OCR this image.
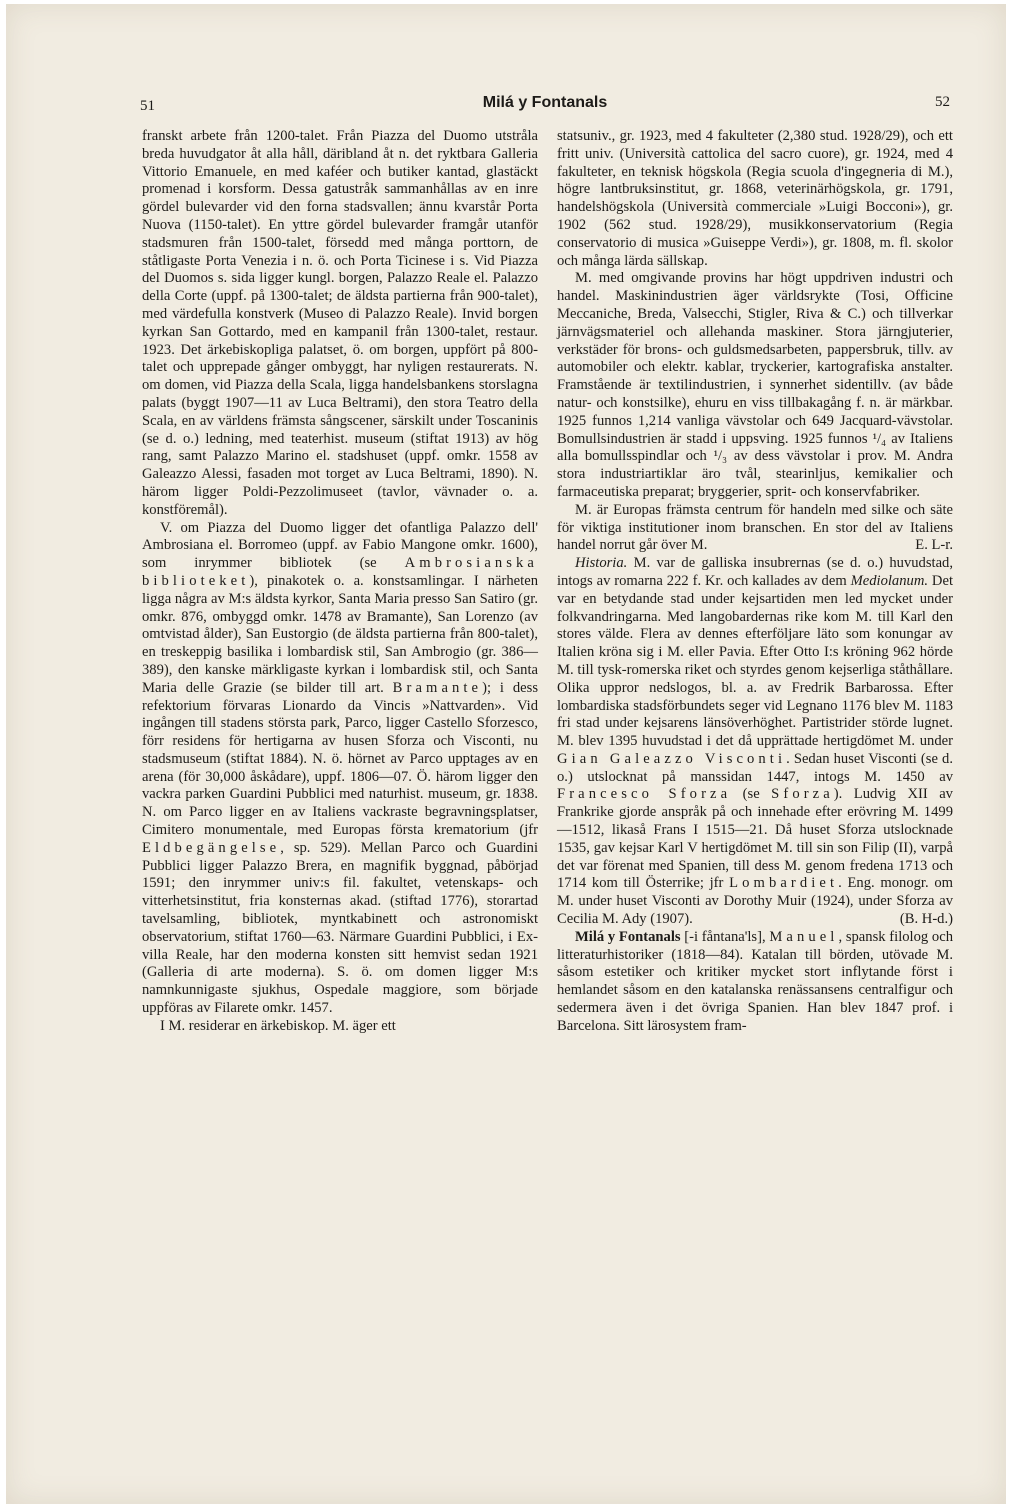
51	Milá y Fontanals	52

franskt arbete från 1200-talet. Från Piazza del Duomo utstråla breda huvudgator åt alla håll, däribland åt n. det ryktbara Galleria Vittorio Emanuele, en med kaféer och butiker kantad, glastäckt promenad i korsform. Dessa gatustråk sammanhållas av en inre gördel bulevarder vid den forna stadsvallen; ännu kvarstår Porta Nuova (1150-talet). En yttre gördel bulevarder framgår utanför stadsmuren från 1500-talet, försedd med många porttorn, de ståtligaste Porta Venezia i n. ö. och Porta Ticinese i s. Vid Piazza del Duomos s. sida ligger kungl. borgen, Palazzo Reale el. Palazzo della Corte (uppf. på 1300-talet; de äldsta partierna från 900-talet), med värdefulla konstverk (Museo di Palazzo Reale). Invid borgen kyrkan San Gottardo, med en kampanil från 1300-talet, restaur. 1923. Det ärkebiskopliga palatset, ö. om borgen, uppfört på 800-talet och upprepade gånger ombyggt, har nyligen restaurerats. N. om domen, vid Piazza della Scala, ligga handelsbankens storslagna palats (byggt 1907—11 av Luca Beltrami), den stora Teatro della Scala, en av världens främsta sångscener, särskilt under Toscaninis (se d. o.) ledning, med teaterhist. museum (stiftat 1913) av hög rang, samt Palazzo Marino el. stadshuset (uppf. omkr. 1558 av Galeazzo Alessi, fasaden mot torget av Luca Beltrami, 1890). N. härom ligger Poldi-Pezzolimuseet (tavlor, vävnader o. a. konstföremål).

V. om Piazza del Duomo ligger det ofantliga Palazzo dell' Ambrosiana el. Borromeo (uppf. av Fabio Mangone omkr. 1600), som inrymmer bibliotek (se Ambrosianska biblioteket), pinakotek o. a. konstsamlingar. I närheten ligga några av M:s äldsta kyrkor, Santa Maria presso San Satiro (gr. omkr. 876, ombyggd omkr. 1478 av Bramante), San Lorenzo (av omtvistad ålder), San Eustorgio (de äldsta partierna från 800-talet), en treskeppig basilika i lombardisk stil, San Ambrogio (gr. 386—389), den kanske märkligaste kyrkan i lombardisk stil, och Santa Maria delle Grazie (se bilder till art. Bramante); i dess refektorium förvaras Lionardo da Vincis »Nattvarden». Vid ingången till stadens största park, Parco, ligger Castello Sforzesco, förr residens för hertigarna av husen Sforza och Visconti, nu stadsmuseum (stiftat 1884). N. ö. hörnet av Parco upptages av en arena (för 30,000 åskådare), uppf. 1806—07. Ö. härom ligger den vackra parken Guardini Pubblici med naturhist. museum, gr. 1838. N. om Parco ligger en av Italiens vackraste begravningsplatser, Cimitero monumentale, med Europas första krematorium (jfr Eldbegängelse, sp. 529). Mellan Parco och Guardini Pubblici ligger Palazzo Brera, en magnifik byggnad, påbörjad 1591; den inrymmer univ:s fil. fakultet, vetenskaps- och vitterhetsinstitut, fria konsternas akad. (stiftad 1776), storartad tavelsamling, bibliotek, myntkabinett och astronomiskt observatorium, stiftat 1760—63. Närmare Guardini Pubblici, i Ex-villa Reale, har den moderna konsten sitt hemvist sedan 1921 (Galleria di arte moderna). S. ö. om domen ligger M:s namnkunnigaste sjukhus, Ospedale maggiore, som började uppföras av Filarete omkr. 1457.

I M. residerar en ärkebiskop. M. äger ett

statsuniv., gr. 1923, med 4 fakulteter (2,380 stud. 1928/29), och ett fritt univ. (Università cattolica del sacro cuore), gr. 1924, med 4 fakulteter, en teknisk högskola (Regia scuola d'ingegneria di M.), högre lantbruksinstitut, gr. 1868, veterinärhögskola, gr. 1791, handelshögskola (Università commerciale »Luigi Bocconi»), gr. 1902 (562 stud. 1928/29), musikkonservatorium (Regia conservatorio di musica »Guiseppe Verdi»), gr. 1808, m. fl. skolor och många lärda sällskap.

M. med omgivande provins har högt uppdriven industri och handel. Maskinindustrien äger världsrykte (Tosi, Officine Meccaniche, Breda, Valsecchi, Stigler, Riva & C.) och tillverkar järnvägsmateriel och allehanda maskiner. Stora järngjuterier, verkstäder för brons- och guldsmedsarbeten, pappersbruk, tillv. av automobiler och elektr. kablar, tryckerier, kartografiska anstalter. Framstående är textilindustrien, i synnerhet sidentillv. (av både natur- och konstsilke), ehuru en viss tillbakagång f. n. är märkbar. 1925 funnos 1,214 vanliga vävstolar och 649 Jacquard-vävstolar. Bomullsindustrien är stadd i uppsving. 1925 funnos ¹/₄ av Italiens alla bomullsspindlar och ¹/₃ av dess vävstolar i prov. M. Andra stora industriartiklar äro tvål, stearinljus, kemikalier och farmaceutiska preparat; bryggerier, sprit- och konservfabriker.

M. är Europas främsta centrum för handeln med silke och säte för viktiga institutioner inom branschen. En stor del av Italiens handel norrut går över M.	E. L-r.

Historia. M. var de galliska insubrernas (se d. o.) huvudstad, intogs av romarna 222 f. Kr. och kallades av dem Mediolanum. Det var en betydande stad under kejsartiden men led mycket under folkvandringarna. Med langobardernas rike kom M. till Karl den stores välde. Flera av dennes efterföljare läto som konungar av Italien kröna sig i M. eller Pavia. Efter Otto I:s kröning 962 hörde M. till tysk-romerska riket och styrdes genom kejserliga ståthållare. Olika uppror nedslogos, bl. a. av Fredrik Barbarossa. Efter lombardiska stadsförbundets seger vid Legnano 1176 blev M. 1183 fri stad under kejsarens länsöverhöghet. Partistrider störde lugnet. M. blev 1395 huvudstad i det då upprättade hertigdömet M. under Gian Galeazzo Visconti. Sedan huset Visconti (se d. o.) utslocknat på manssidan 1447, intogs M. 1450 av Francesco Sforza (se Sforza). Ludvig XII av Frankrike gjorde anspråk på och innehade efter erövring M. 1499—1512, likaså Frans I 1515—21. Då huset Sforza utslocknade 1535, gav kejsar Karl V hertigdömet M. till sin son Filip (II), varpå det var förenat med Spanien, till dess M. genom fredena 1713 och 1714 kom till Österrike; jfr Lombardiet. Eng. monogr. om M. under huset Visconti av Dorothy Muir (1924), under Sforza av Cecilia M. Ady (1907).	(B. H-d.)

Milá y Fontanals [-i fåntana'ls], Manuel, spansk filolog och litteraturhistoriker (1818—84). Katalan till börden, utövade M. såsom estetiker och kritiker mycket stort inflytande först i hemlandet såsom en den katalanska renässansens centralfigur och sedermera även i det övriga Spanien. Han blev 1847 prof. i Barcelona. Sitt lärosystem fram-
